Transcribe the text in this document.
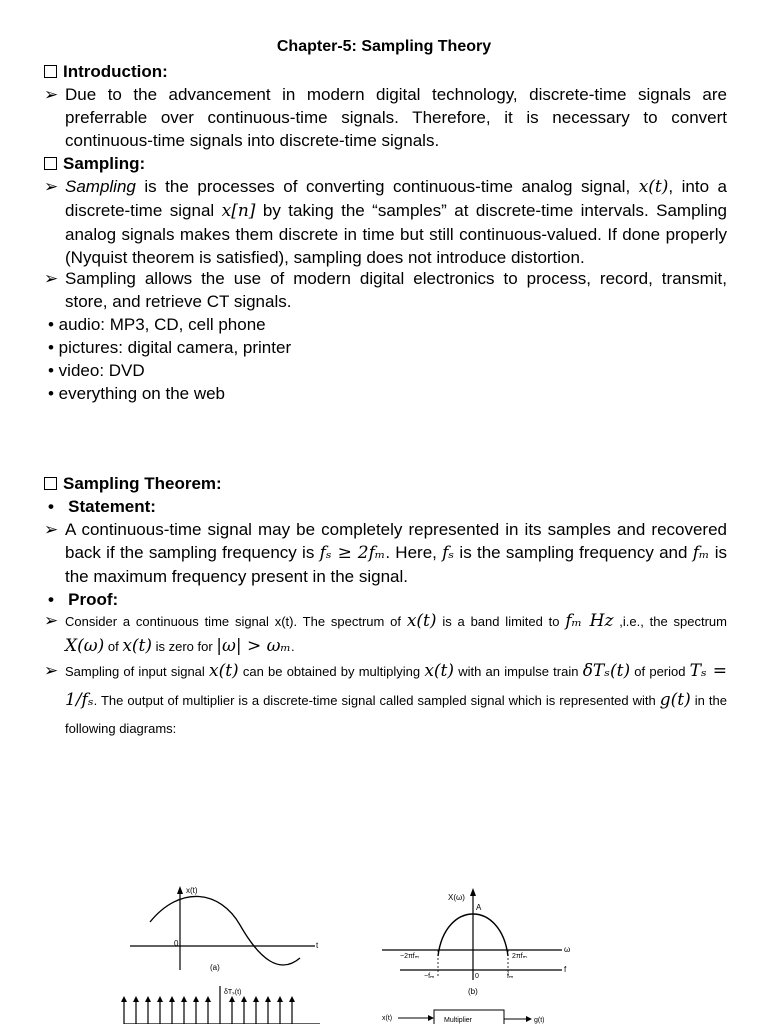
Chapter-5: Sampling Theory
Introduction:
➢ Due to the advancement in modern digital technology, discrete-time signals are preferrable over continuous-time signals. Therefore, it is necessary to convert continuous-time signals into discrete-time signals.
Sampling:
➢ Sampling is the processes of converting continuous-time analog signal, x(t), into a discrete-time signal x[n] by taking the “samples” at discrete-time intervals. Sampling analog signals makes them discrete in time but still continuous-valued. If done properly (Nyquist theorem is satisfied), sampling does not introduce distortion.
➢ Sampling allows the use of modern digital electronics to process, record, transmit, store, and retrieve CT signals.
• audio: MP3, CD, cell phone
• pictures: digital camera, printer
• video: DVD
• everything on the web
Sampling Theorem:
• Statement:
➢ A continuous-time signal may be completely represented in its samples and recovered back if the sampling frequency is fₛ ≥ 2fₘ. Here, fₛ is the sampling frequency and fₘ is the maximum frequency present in the signal.
• Proof:
➢ Consider a continuous time signal x(t). The spectrum of x(t) is a band limited to fₘ Hz ,i.e., the spectrum X(ω) of x(t) is zero for |ω| > ωₘ.
➢ Sampling of input signal x(t) can be obtained by multiplying x(t) with an impulse train δTₛ(t) of period Tₛ = 1/fₛ. The output of multiplier is a discrete-time signal called sampled signal which is represented with g(t) in the following diagrams:
x(t)
t
0
(a)
X(ω)
A
−2πfₘ	2πfₘ
ω
f
−fₘ	fₘ
0
(b)
δTₛ(t)
x(t)	Multiplier	g(t)
